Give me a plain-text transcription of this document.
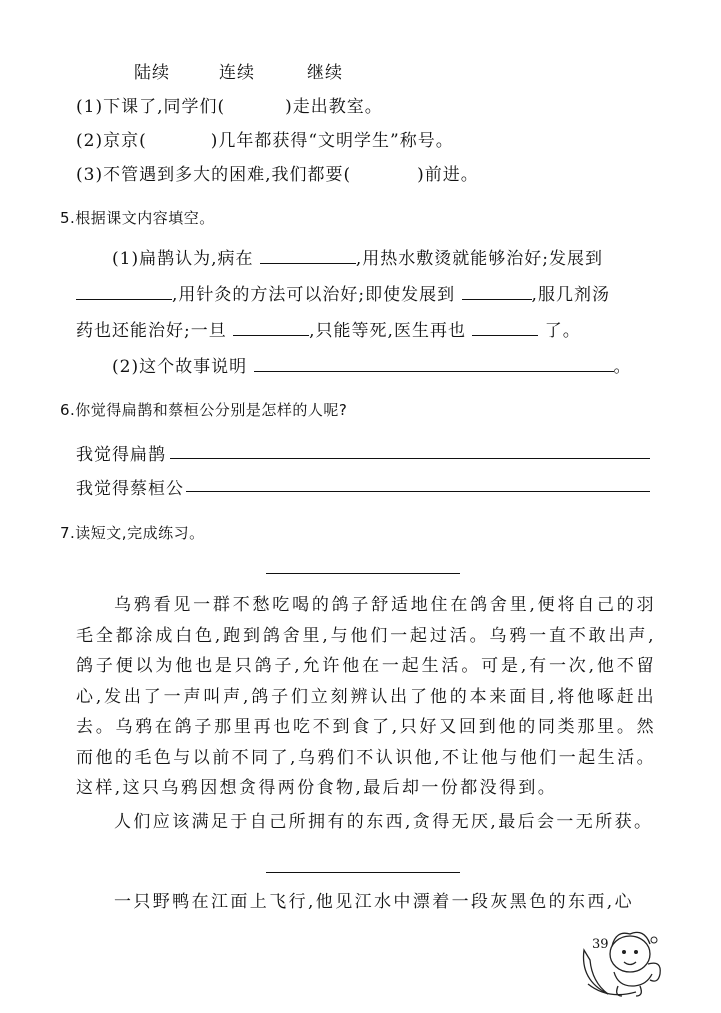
陆续	连续	继续
(1)下课了,同学们(	)走出教室。
(2)京京(	)几年都获得“文明学生”称号。
(3)不管遇到多大的困难,我们都要(	)前进。
5.根据课文内容填空。
(1)扁鹊认为,病在	,用热水敷烫就能够治好;发展到
,用针灸的方法可以治好;即使发展到	,服几剂汤
药也还能治好;一旦	,只能等死,医生再也	了。
(2)这个故事说明	。
6.你觉得扁鹊和蔡桓公分别是怎样的人呢?
我觉得扁鹊
我觉得蔡桓公
7.读短文,完成练习。
乌鸦看见一群不愁吃喝的鸽子舒适地住在鸽舍里,便将自己的羽毛全都涂成白色,跑到鸽舍里,与他们一起过活。乌鸦一直不敢出声,鸽子便以为他也是只鸽子,允许他在一起生活。可是,有一次,他不留心,发出了一声叫声,鸽子们立刻辨认出了他的本来面目,将他啄赶出去。乌鸦在鸽子那里再也吃不到食了,只好又回到他的同类那里。然而他的毛色与以前不同了,乌鸦们不认识他,不让他与他们一起生活。这样,这只乌鸦因想贪得两份食物,最后却一份都没得到。
人们应该满足于自己所拥有的东西,贪得无厌,最后会一无所获。
一只野鸭在江面上飞行,他见江水中漂着一段灰黑色的东西,心
39
